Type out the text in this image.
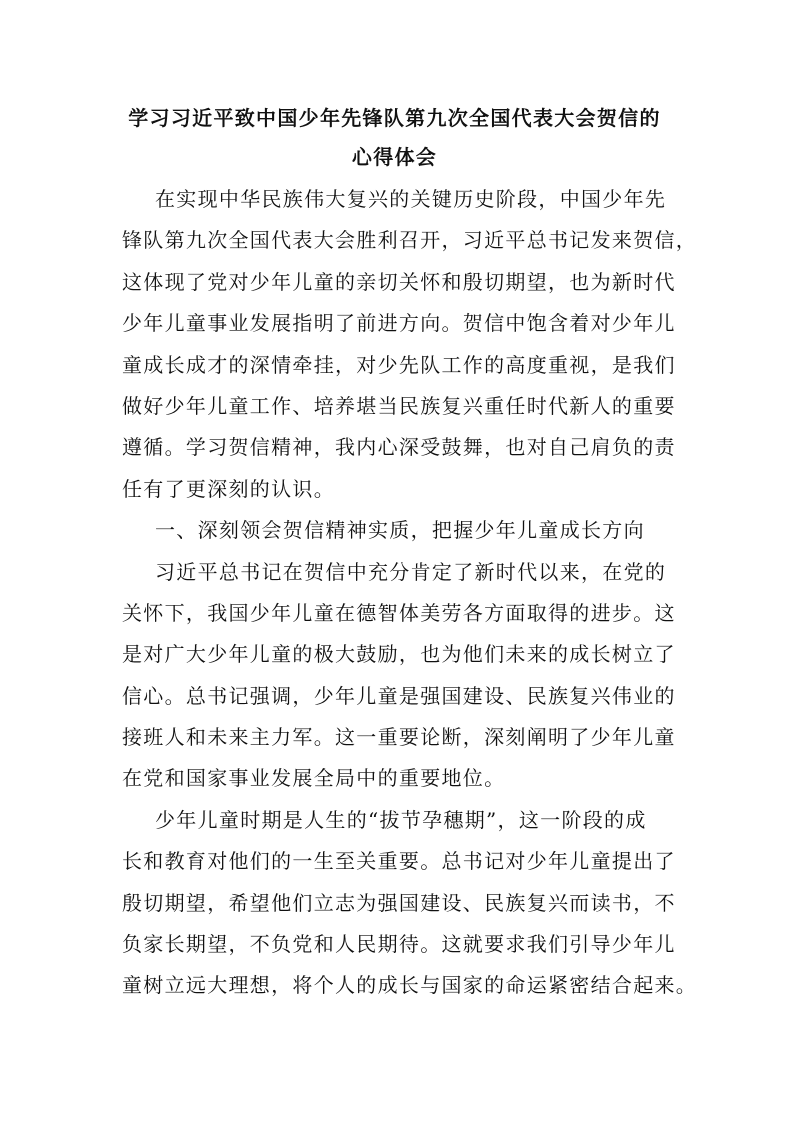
学习习近平致中国少年先锋队第九次全国代表大会贺信的
心得体会
在实现中华民族伟大复兴的关键历史阶段，中国少年先
锋队第九次全国代表大会胜利召开，习近平总书记发来贺信，
这体现了党对少年儿童的亲切关怀和殷切期望，也为新时代
少年儿童事业发展指明了前进方向。贺信中饱含着对少年儿
童成长成才的深情牵挂，对少先队工作的高度重视，是我们
做好少年儿童工作、培养堪当民族复兴重任时代新人的重要
遵循。学习贺信精神，我内心深受鼓舞，也对自己肩负的责
任有了更深刻的认识。
一、深刻领会贺信精神实质，把握少年儿童成长方向
习近平总书记在贺信中充分肯定了新时代以来，在党的
关怀下，我国少年儿童在德智体美劳各方面取得的进步。这
是对广大少年儿童的极大鼓励，也为他们未来的成长树立了
信心。总书记强调，少年儿童是强国建设、民族复兴伟业的
接班人和未来主力军。这一重要论断，深刻阐明了少年儿童
在党和国家事业发展全局中的重要地位。
少年儿童时期是人生的“拔节孕穗期”，这一阶段的成
长和教育对他们的一生至关重要。总书记对少年儿童提出了
殷切期望，希望他们立志为强国建设、民族复兴而读书，不
负家长期望，不负党和人民期待。这就要求我们引导少年儿
童树立远大理想，将个人的成长与国家的命运紧密结合起来。
